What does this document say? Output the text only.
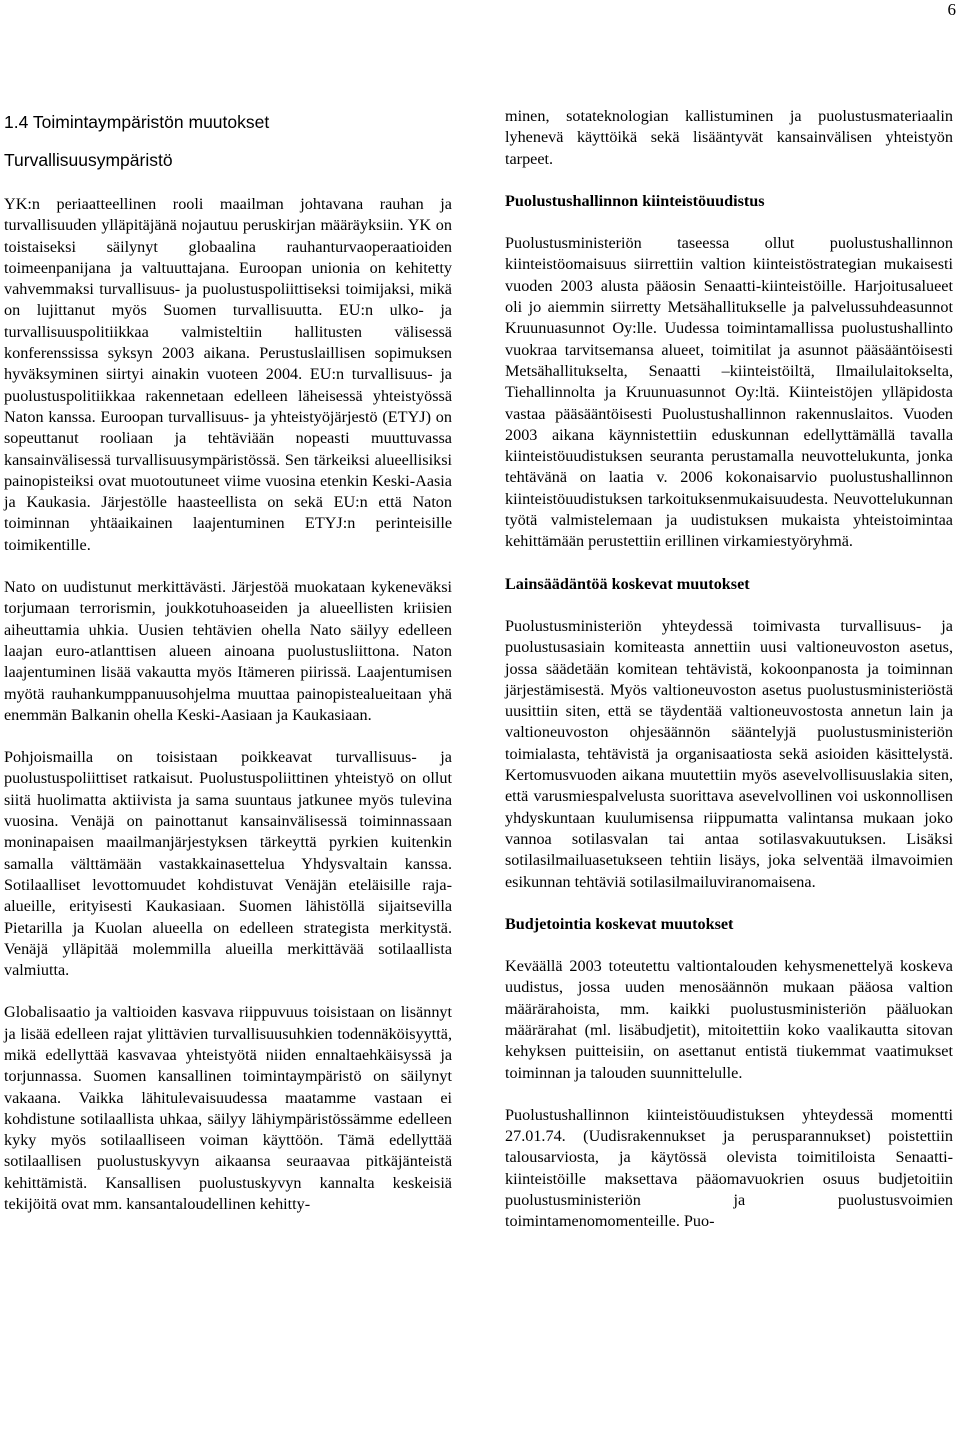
6
1.4 Toimintaympäristön muutokset
Turvallisuusympäristö

YK:n periaatteellinen rooli maailman johtavana rauhan ja turvallisuuden ylläpitäjänä nojautuu peruskirjan määräyksiin. YK on toistaiseksi säilynyt globaalina rauhanturvaoperaatioiden toimeenpanijana ja valtuuttajana. Euroopan unionia on kehitetty vahvemmaksi turvallisuus- ja puolustuspoliittiseksi toimijaksi, mikä on lujittanut myös Suomen turvallisuutta. EU:n ulko- ja turvallisuuspolitiikkaa valmisteltiin hallitusten välisessä konferenssissa syksyn 2003 aikana. Perustuslaillisen sopimuksen hyväksyminen siirtyi ainakin vuoteen 2004. EU:n turvallisuus- ja puolustuspolitiikkaa rakennetaan edelleen läheisessä yhteistyössä Naton kanssa. Euroopan turvallisuus- ja yhteistyöjärjestö (ETYJ) on sopeuttanut rooliaan ja tehtäviään nopeasti muuttuvassa kansainvälisessä turvallisuusympäristössä. Sen tärkeiksi alueellisiksi painopisteiksi ovat muotoutuneet viime vuosina etenkin Keski-Aasia ja Kaukasia. Järjestölle haasteellista on sekä EU:n että Naton toiminnan yhtäaikainen laajentuminen ETYJ:n perinteisille toimikentille.

Nato on uudistunut merkittävästi. Järjestöä muokataan kykeneväksi torjumaan terrorismin, joukkotuhoaseiden ja alueellisten kriisien aiheuttamia uhkia. Uusien tehtävien ohella Nato säilyy edelleen laajan euro-atlanttisen alueen ainoana puolustusliittona. Naton laajentuminen lisää vakautta myös Itämeren piirissä. Laajentumisen myötä rauhankumppanuusohjelma muuttaa painopistealueitaan yhä enemmän Balkanin ohella Keski-Aasiaan ja Kaukasiaan.

Pohjoismailla on toisistaan poikkeavat turvallisuus- ja puolustuspoliittiset ratkaisut. Puolustuspoliittinen yhteistyö on ollut siitä huolimatta aktiivista ja sama suuntaus jatkunee myös tulevina vuosina. Venäjä on painottanut kansainvälisessä toiminnassaan moninapaisen maailmanjärjestyksen tärkeyttä pyrkien kuitenkin samalla välttämään vastakkainasettelua Yhdysvaltain kanssa. Sotilaalliset levottomuudet kohdistuvat Venäjän eteläisille raja-alueille, erityisesti Kaukasiaan. Suomen lähistöllä sijaitsevilla Pietarilla ja Kuolan alueella on edelleen strategista merkitystä. Venäjä ylläpitää molemmilla alueilla merkittävää sotilaallista valmiutta.

Globalisaatio ja valtioiden kasvava riippuvuus toisistaan on lisännyt ja lisää edelleen rajat ylittävien turvallisuusuhkien todennäköisyyttä, mikä edellyttää kasvavaa yhteistyötä niiden ennaltaehkäisyssä ja torjunnassa. Suomen kansallinen toimintaympäristö on säilynyt vakaana. Vaikka lähitulevaisuudessa maatamme vastaan ei kohdistune sotilaallista uhkaa, säilyy lähiympäristössämme edelleen kyky myös sotilaalliseen voiman käyttöön. Tämä edellyttää sotilaallisen puolustuskyvyn aikaansa seuraavaa pitkäjänteistä kehittämistä. Kansallisen puolustuskyvyn kannalta keskeisiä tekijöitä ovat mm. kansantaloudellinen kehitty-

minen, sotateknologian kallistuminen ja puolustusmateriaalin lyhenevä käyttöikä sekä lisääntyvät kansainvälisen yhteistyön tarpeet.

Puolustushallinnon kiinteistöuudistus

Puolustusministeriön taseessa ollut puolustushallinnon kiinteistöomaisuus siirrettiin valtion kiinteistöstrategian mukaisesti vuoden 2003 alusta pääosin Senaatti-kiinteistöille. Harjoitusalueet oli jo aiemmin siirretty Metsähallitukselle ja palvelussuhdeasunnot Kruunuasunnot Oy:lle. Uudessa toimintamallissa puolustushallinto vuokraa tarvitsemansa alueet, toimitilat ja asunnot pääsääntöisesti Metsähallitukselta, Senaatti –kiinteistöiltä, Ilmailulaitokselta, Tiehallinnolta ja Kruunuasunnot Oy:ltä. Kiinteistöjen ylläpidosta vastaa pääsääntöisesti Puolustushallinnon rakennuslaitos. Vuoden 2003 aikana käynnistettiin eduskunnan edellyttämällä tavalla kiinteistöuudistuksen seuranta perustamalla neuvottelukunta, jonka tehtävänä on laatia v. 2006 kokonaisarvio puolustushallinnon kiinteistöuudistuksen tarkoituksenmukaisuudesta. Neuvottelukunnan työtä valmistelemaan ja uudistuksen mukaista yhteistoimintaa kehittämään perustettiin erillinen virkamiestyöryhmä.

Lainsäädäntöä koskevat muutokset

Puolustusministeriön yhteydessä toimivasta turvallisuus- ja puolustusasiain komiteasta annettiin uusi valtioneuvoston asetus, jossa säädetään komitean tehtävistä, kokoonpanosta ja toiminnan järjestämisestä. Myös valtioneuvoston asetus puolustusministeriöstä uusittiin siten, että se täydentää valtioneuvostosta annetun lain ja valtioneuvoston ohjesäännön sääntelyjä puolustusministeriön toimialasta, tehtävistä ja organisaatiosta sekä asioiden käsittelystä. Kertomusvuoden aikana muutettiin myös asevelvollisuuslakia siten, että varusmiespalvelusta suorittava asevelvollinen voi uskonnollisen yhdyskuntaan kuulumisensa riippumatta valintansa mukaan joko vannoa sotilasvalan tai antaa sotilasvakuutuksen. Lisäksi sotilasilmailuasetukseen tehtiin lisäys, joka selventää ilmavoimien esikunnan tehtäviä sotilasilmailuviranomaisena.

Budjetointia koskevat muutokset

Keväällä 2003 toteutettu valtiontalouden kehysmenettelyä koskeva uudistus, jossa uuden menosäännön mukaan pääosa valtion määrärahoista, mm. kaikki puolustusministeriön pääluokan määrärahat (ml. lisäbudjetit), mitoitettiin koko vaalikautta sitovan kehyksen puitteisiin, on asettanut entistä tiukemmat vaatimukset toiminnan ja talouden suunnittelulle.

Puolustushallinnon kiinteistöuudistuksen yhteydessä momentti 27.01.74. (Uudisrakennukset ja perusparannukset) poistettiin talousarviosta, ja käytössä olevista toimitiloista Senaatti-kiinteistöille maksettava pääomavuokrien osuus budjetoitiin puolustusministeriön ja puolustusvoimien toimintamenomomenteille. Puo-
